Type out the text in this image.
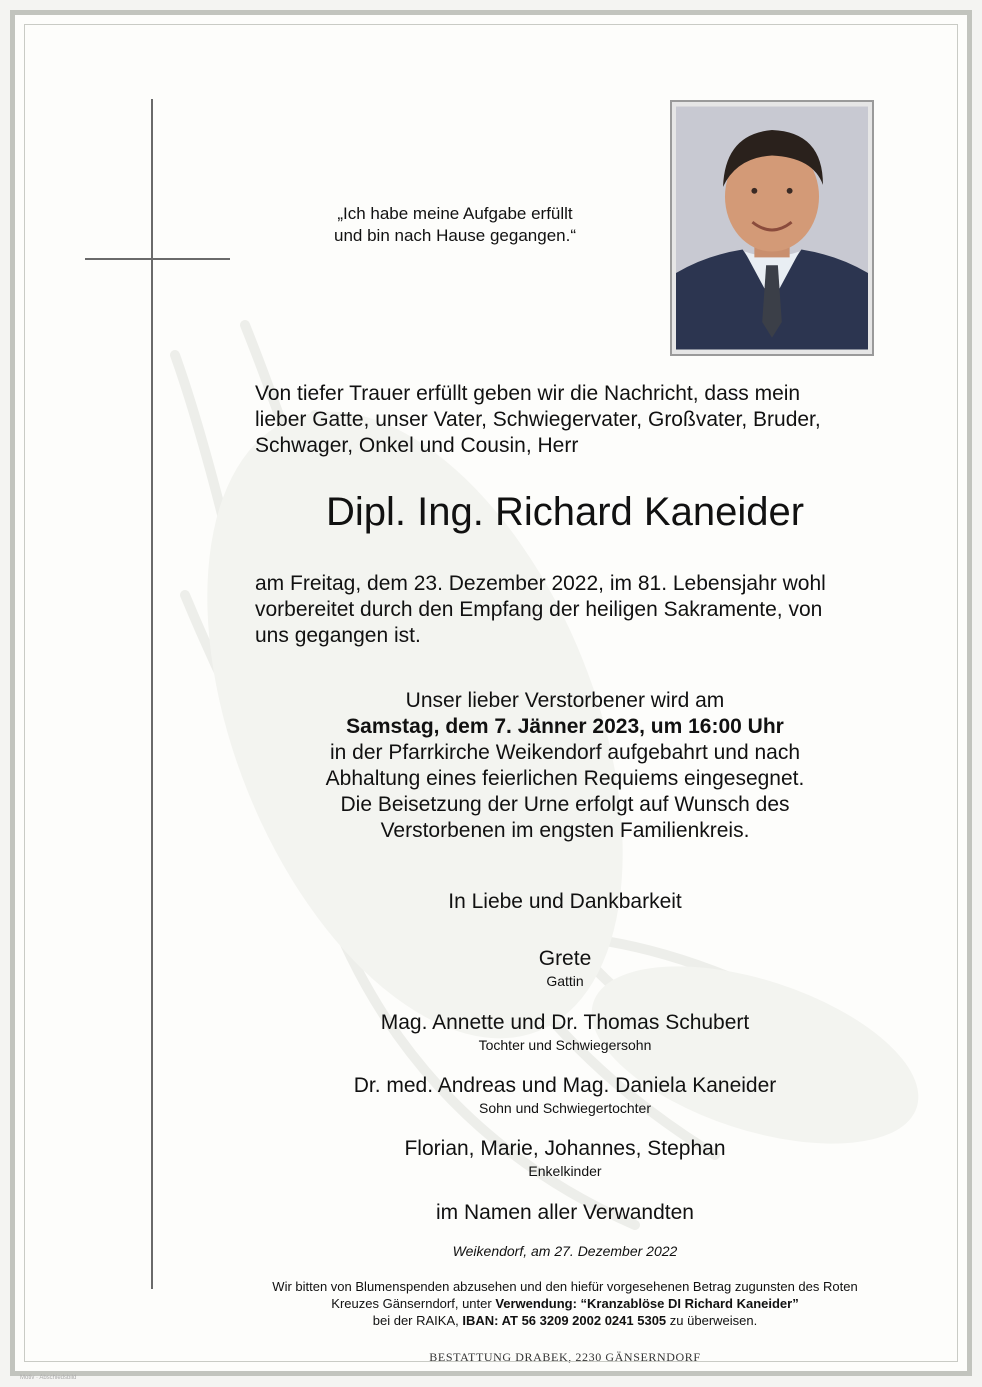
„Ich habe meine Aufgabe erfüllt
und bin nach Hause gegangen.“
Von tiefer Trauer erfüllt geben wir die Nachricht, dass mein
lieber Gatte, unser Vater, Schwiegervater, Großvater, Bruder,
Schwager, Onkel und Cousin, Herr
Dipl. Ing. Richard Kaneider
am Freitag, dem 23. Dezember 2022, im 81. Lebensjahr wohl
vorbereitet durch den Empfang der heiligen Sakramente, von
uns gegangen ist.
Unser lieber Verstorbener wird am
Samstag, dem 7. Jänner 2023, um 16:00 Uhr
in der Pfarrkirche Weikendorf aufgebahrt und nach
Abhaltung eines feierlichen Requiems eingesegnet.
Die Beisetzung der Urne erfolgt auf Wunsch des
Verstorbenen im engsten Familienkreis.
In Liebe und Dankbarkeit
Grete
Gattin
Mag. Annette und Dr. Thomas Schubert
Tochter und Schwiegersohn
Dr. med. Andreas und Mag. Daniela Kaneider
Sohn und Schwiegertochter
Florian, Marie, Johannes, Stephan
Enkelkinder
im Namen aller Verwandten
Weikendorf, am 27. Dezember 2022
Wir bitten von Blumenspenden abzusehen und den hiefür vorgesehenen Betrag zugunsten des Roten
Kreuzes Gänserndorf, unter Verwendung: “Kranzablöse DI Richard Kaneider”
bei der RAIKA, IBAN: AT 56 3209 2002 0241 5305 zu überweisen.
BESTATTUNG DRABEK, 2230 GÄNSERNDORF
Motiv · Abschiedsbild
